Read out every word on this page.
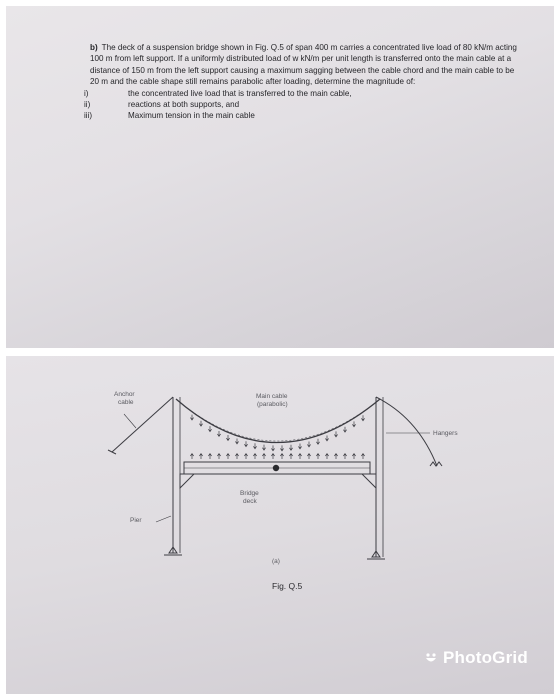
b) The deck of a suspension bridge shown in Fig. Q.5 of span 400 m carries a concentrated live load of 80 kN/m acting 100 m from left support. If a uniformly distributed load of w kN/m per unit length is transferred onto the main cable at a distance of 150 m from the left support causing a maximum sagging between the cable chord and the main cable to be 20 m and the cable shape still remains parabolic after loading, determine the magnitude of:
i)	the concentrated live load that is transferred to the main cable,
ii)	reactions at both supports, and
iii)	Maximum tension in the main cable
Anchor
cable
Main cable
(parabolic)
Hangers
Bridge
deck
Pier
(a)
Fig. Q.5
PhotoGrid
